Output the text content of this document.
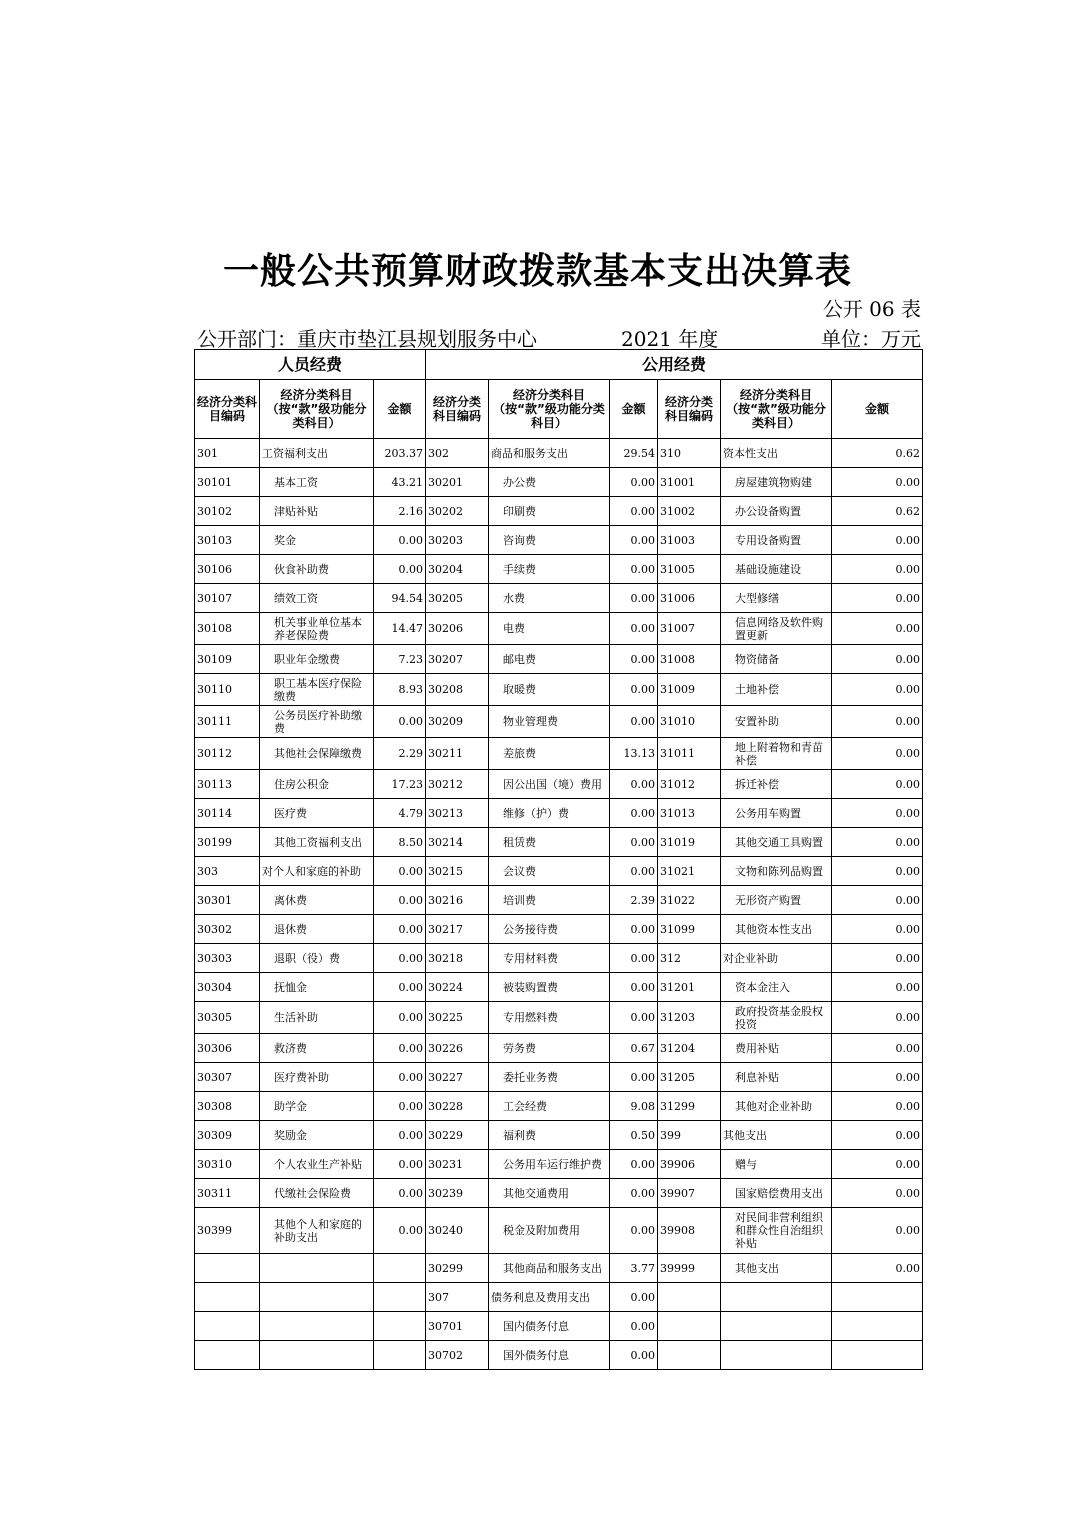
一般公共预算财政拨款基本支出决算表
公开 06 表
公开部门：重庆市垫江县规划服务中心	2021 年度	单位：万元
人员经费			公用经费					
经济分类科目编码	经济分类科目（按“款”级功能分类科目）	金额	经济分类科目编码	经济分类科目（按“款”级功能分类科目）	金额	经济分类科目编码	经济分类科目（按“款”级功能分类科目）	金额
301	工资福利支出	203.37	302	商品和服务支出	29.54	310	资本性支出	0.62
30101	基本工资	43.21	30201	办公费	0.00	31001	房屋建筑物购建	0.00
30102	津贴补贴	2.16	30202	印刷费	0.00	31002	办公设备购置	0.62
30103	奖金	0.00	30203	咨询费	0.00	31003	专用设备购置	0.00
30106	伙食补助费	0.00	30204	手续费	0.00	31005	基础设施建设	0.00
30107	绩效工资	94.54	30205	水费	0.00	31006	大型修缮	0.00
30108	机关事业单位基本养老保险费	14.47	30206	电费	0.00	31007	信息网络及软件购置更新	0.00
30109	职业年金缴费	7.23	30207	邮电费	0.00	31008	物资储备	0.00
30110	职工基本医疗保险缴费	8.93	30208	取暖费	0.00	31009	土地补偿	0.00
30111	公务员医疗补助缴费	0.00	30209	物业管理费	0.00	31010	安置补助	0.00
30112	其他社会保障缴费	2.29	30211	差旅费	13.13	31011	地上附着物和青苗补偿	0.00
30113	住房公积金	17.23	30212	因公出国（境）费用	0.00	31012	拆迁补偿	0.00
30114	医疗费	4.79	30213	维修（护）费	0.00	31013	公务用车购置	0.00
30199	其他工资福利支出	8.50	30214	租赁费	0.00	31019	其他交通工具购置	0.00
303	对个人和家庭的补助	0.00	30215	会议费	0.00	31021	文物和陈列品购置	0.00
30301	离休费	0.00	30216	培训费	2.39	31022	无形资产购置	0.00
30302	退休费	0.00	30217	公务接待费	0.00	31099	其他资本性支出	0.00
30303	退职（役）费	0.00	30218	专用材料费	0.00	312	对企业补助	0.00
30304	抚恤金	0.00	30224	被装购置费	0.00	31201	资本金注入	0.00
30305	生活补助	0.00	30225	专用燃料费	0.00	31203	政府投资基金股权投资	0.00
30306	救济费	0.00	30226	劳务费	0.67	31204	费用补贴	0.00
30307	医疗费补助	0.00	30227	委托业务费	0.00	31205	利息补贴	0.00
30308	助学金	0.00	30228	工会经费	9.08	31299	其他对企业补助	0.00
30309	奖励金	0.00	30229	福利费	0.50	399	其他支出	0.00
30310	个人农业生产补贴	0.00	30231	公务用车运行维护费	0.00	39906	赠与	0.00
30311	代缴社会保险费	0.00	30239	其他交通费用	0.00	39907	国家赔偿费用支出	0.00
30399	其他个人和家庭的补助支出	0.00	30240	税金及附加费用	0.00	39908	对民间非营利组织和群众性自治组织补贴	0.00
			30299	其他商品和服务支出	3.77	39999	其他支出	0.00
			307	债务利息及费用支出	0.00			
			30701	国内债务付息	0.00			
			30702	国外债务付息	0.00			
